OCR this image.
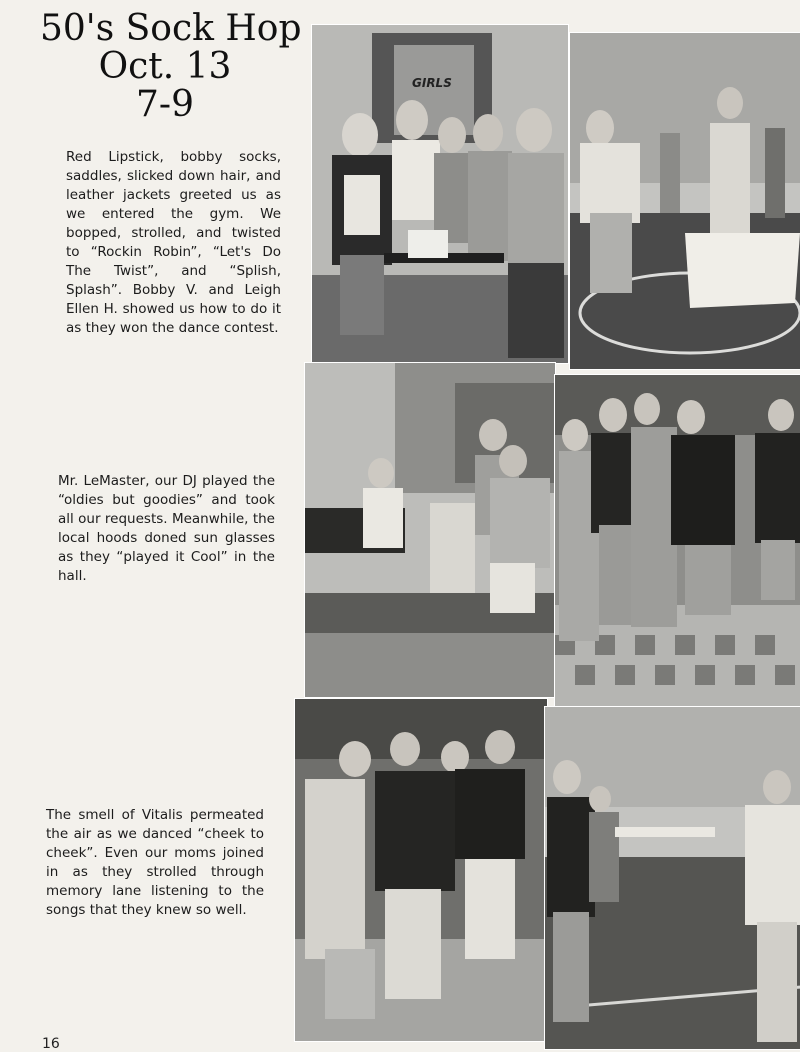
50's Sock Hop
Oct. 13
7-9
Red Lipstick, bobby socks, saddles, slicked down hair, and leather jackets greeted us as we entered the gym. We bopped, strolled, and twisted to “Rockin Robin”, “Let's Do The Twist”, and “Splish, Splash”. Bobby V. and Leigh Ellen H. showed us how to do it as they won the dance contest.
Mr. LeMaster, our DJ played the “oldies but goodies” and took all our requests. Meanwhile, the local hoods doned sun glasses as they “played it Cool” in the hall.
The smell of Vitalis permeated the air as we danced “cheek to cheek”. Even our moms joined in as they strolled through memory lane listening to the songs that they knew so well.
GIRLS
16
